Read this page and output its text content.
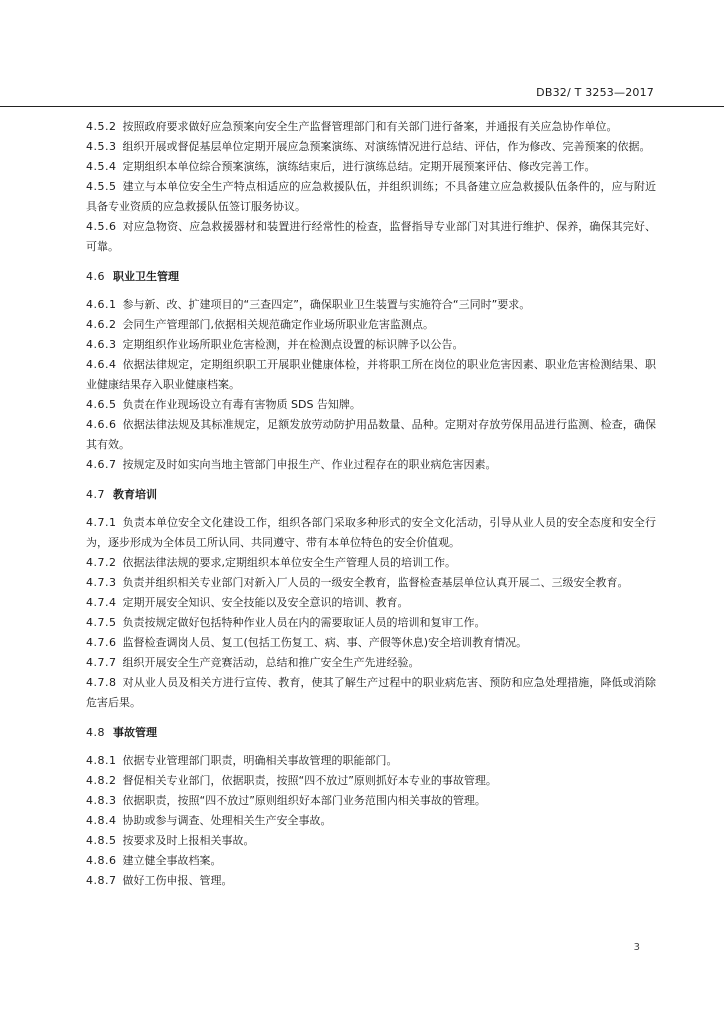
DB32/ T 3253—2017

4.5.2 按照政府要求做好应急预案向安全生产监督管理部门和有关部门进行备案，并通报有关应急协作单位。

4.5.3 组织开展或督促基层单位定期开展应急预案演练、对演练情况进行总结、评估，作为修改、完善预案的依据。

4.5.4 定期组织本单位综合预案演练，演练结束后，进行演练总结。定期开展预案评估、修改完善工作。

4.5.5 建立与本单位安全生产特点相适应的应急救援队伍，并组织训练；不具备建立应急救援队伍条件的，应与附近具备专业资质的应急救援队伍签订服务协议。

4.5.6 对应急物资、应急救援器材和装置进行经常性的检查，监督指导专业部门对其进行维护、保养，确保其完好、可靠。

4.6 职业卫生管理

4.6.1 参与新、改、扩建项目的“三查四定”，确保职业卫生装置与实施符合“三同时”要求。

4.6.2 会同生产管理部门,依据相关规范确定作业场所职业危害监测点。

4.6.3 定期组织作业场所职业危害检测，并在检测点设置的标识牌予以公告。

4.6.4 依据法律规定，定期组织职工开展职业健康体检，并将职工所在岗位的职业危害因素、职业危害检测结果、职业健康结果存入职业健康档案。

4.6.5 负责在作业现场设立有毒有害物质 SDS 告知牌。

4.6.6 依据法律法规及其标准规定，足额发放劳动防护用品数量、品种。定期对存放劳保用品进行监测、检查，确保其有效。

4.6.7 按规定及时如实向当地主管部门申报生产、作业过程存在的职业病危害因素。

4.7 教育培训

4.7.1 负责本单位安全文化建设工作，组织各部门采取多种形式的安全文化活动，引导从业人员的安全态度和安全行为，逐步形成为全体员工所认同、共同遵守、带有本单位特色的安全价值观。

4.7.2 依据法律法规的要求,定期组织本单位安全生产管理人员的培训工作。

4.7.3 负责并组织相关专业部门对新入厂人员的一级安全教育，监督检查基层单位认真开展二、三级安全教育。

4.7.4 定期开展安全知识、安全技能以及安全意识的培训、教育。

4.7.5 负责按规定做好包括特种作业人员在内的需要取证人员的培训和复审工作。

4.7.6 监督检查调岗人员、复工(包括工伤复工、病、事、产假等休息)安全培训教育情况。

4.7.7 组织开展安全生产竞赛活动，总结和推广安全生产先进经验。

4.7.8 对从业人员及相关方进行宣传、教育，使其了解生产过程中的职业病危害、预防和应急处理措施，降低或消除危害后果。

4.8 事故管理

4.8.1 依据专业管理部门职责，明确相关事故管理的职能部门。

4.8.2 督促相关专业部门，依据职责，按照“四不放过”原则抓好本专业的事故管理。

4.8.3 依据职责，按照“四不放过”原则组织好本部门业务范围内相关事故的管理。

4.8.4 协助或参与调查、处理相关生产安全事故。

4.8.5 按要求及时上报相关事故。

4.8.6 建立健全事故档案。

4.8.7 做好工伤申报、管理。

3
